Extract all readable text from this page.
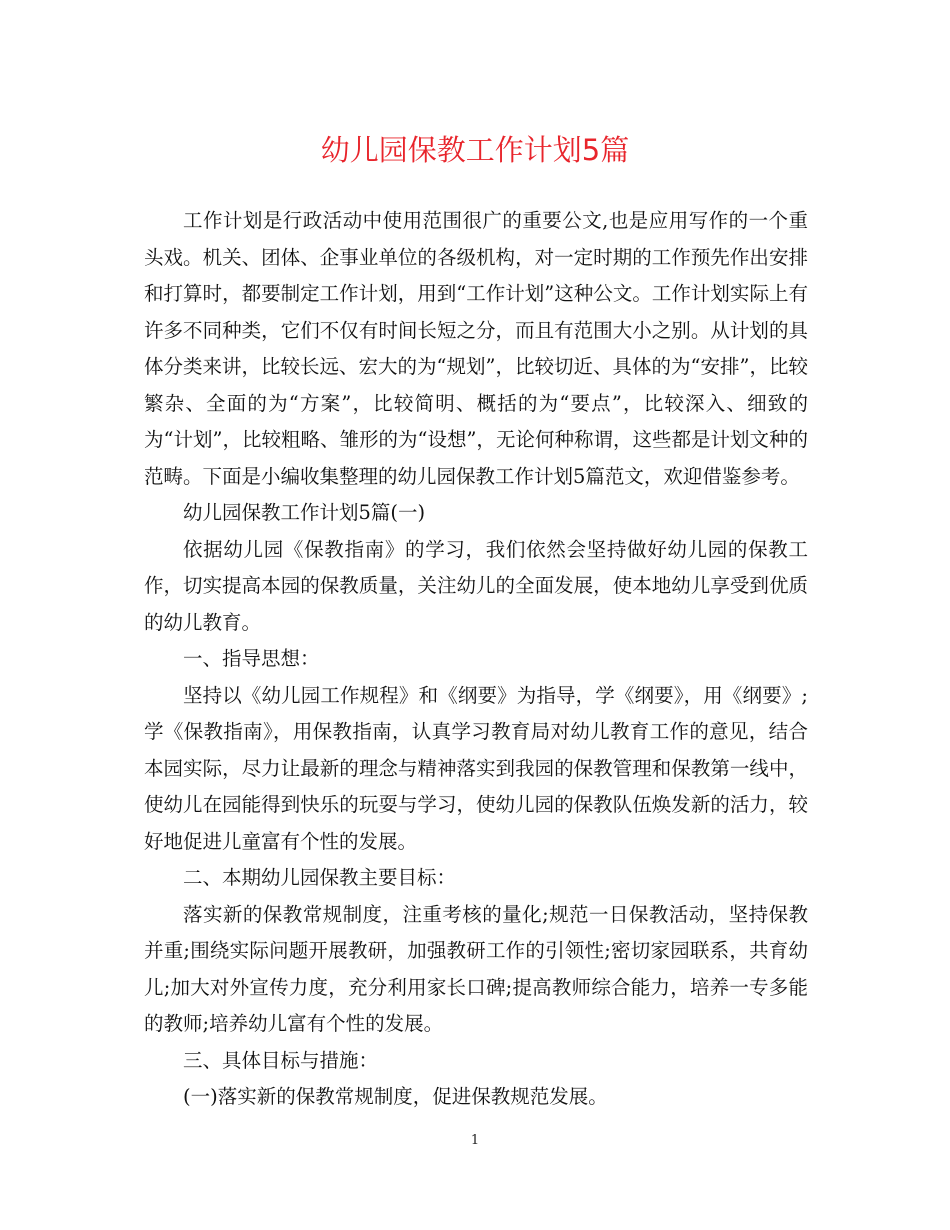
幼儿园保教工作计划5篇

工作计划是行政活动中使用范围很广的重要公文,也是应用写作的一个重头戏。机关、团体、企事业单位的各级机构，对一定时期的工作预先作出安排和打算时，都要制定工作计划，用到“工作计划”这种公文。工作计划实际上有许多不同种类，它们不仅有时间长短之分，而且有范围大小之别。从计划的具体分类来讲，比较长远、宏大的为“规划”，比较切近、具体的为“安排”，比较繁杂、全面的为“方案”，比较简明、概括的为“要点”，比较深入、细致的为“计划”，比较粗略、雏形的为“设想”，无论何种称谓，这些都是计划文种的范畴。下面是小编收集整理的幼儿园保教工作计划5篇范文，欢迎借鉴参考。

幼儿园保教工作计划5篇(一)

依据幼儿园《保教指南》的学习，我们依然会坚持做好幼儿园的保教工作，切实提高本园的保教质量，关注幼儿的全面发展，使本地幼儿享受到优质的幼儿教育。

一、指导思想：

坚持以《幼儿园工作规程》和《纲要》为指导，学《纲要》，用《纲要》;学《保教指南》，用保教指南，认真学习教育局对幼儿教育工作的意见，结合本园实际，尽力让最新的理念与精神落实到我园的保教管理和保教第一线中，使幼儿在园能得到快乐的玩耍与学习，使幼儿园的保教队伍焕发新的活力，较好地促进儿童富有个性的发展。

二、本期幼儿园保教主要目标：

落实新的保教常规制度，注重考核的量化;规范一日保教活动，坚持保教并重;围绕实际问题开展教研，加强教研工作的引领性;密切家园联系，共育幼儿;加大对外宣传力度，充分利用家长口碑;提高教师综合能力，培养一专多能的教师;培养幼儿富有个性的发展。

三、具体目标与措施：

(一)落实新的保教常规制度，促进保教规范发展。

1
